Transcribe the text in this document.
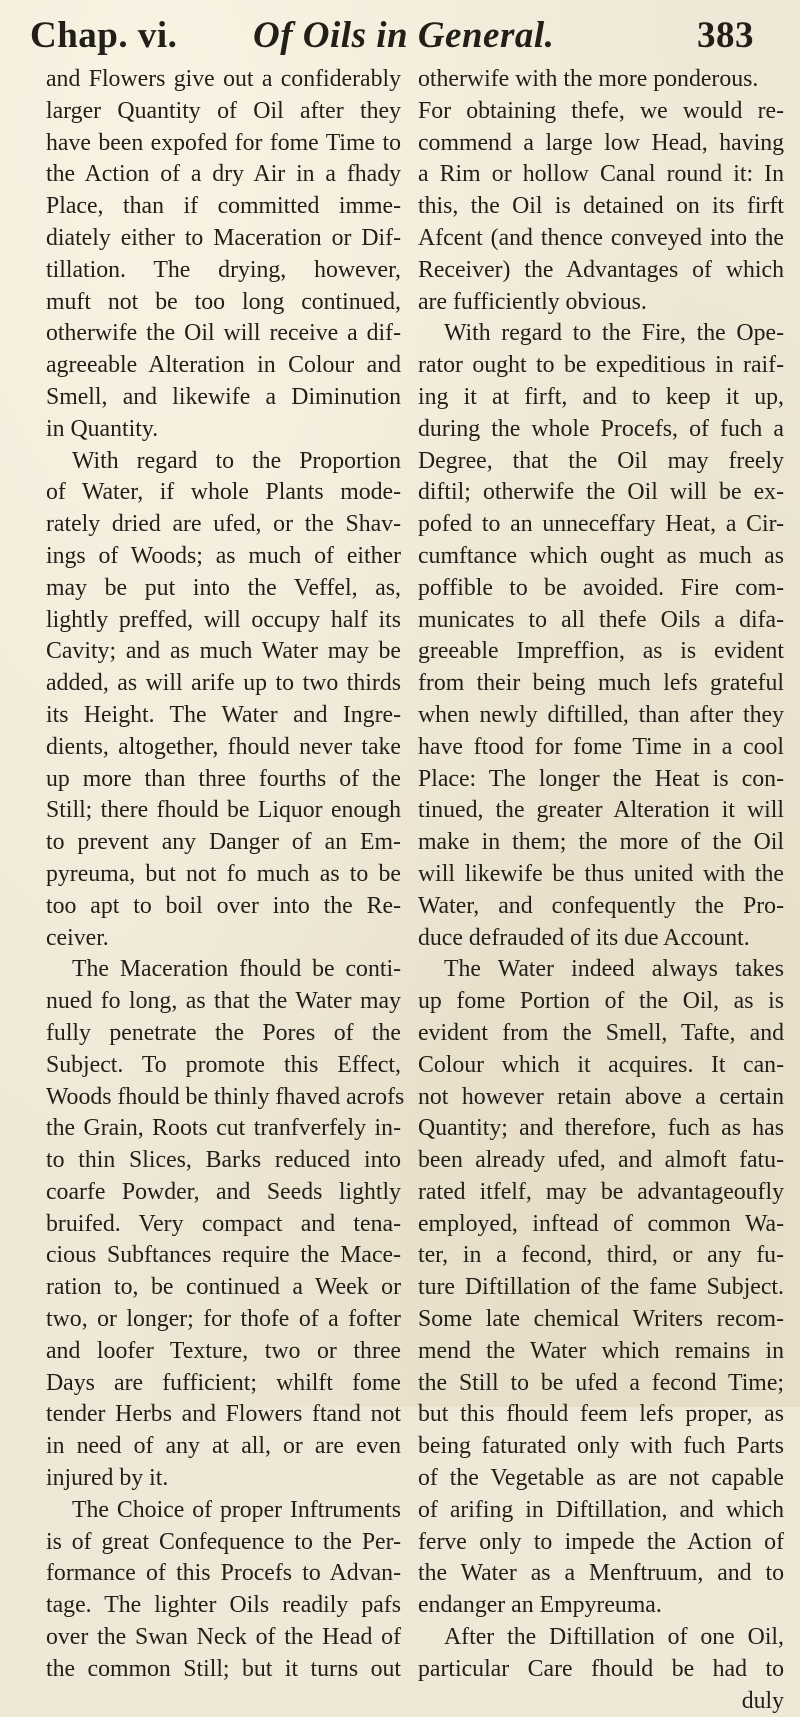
Chap. vi. Of Oils in General.	383
and Flowers give out a confiderably
larger Quantity of Oil after they
have been expofed for fome Time to
the Action of a dry Air in a fhady
Place, than if committed imme-
diately either to Maceration or Dif-
tillation. The drying, however,
muft not be too long continued,
otherwife the Oil will receive a dif-
agreeable Alteration in Colour and
Smell, and likewife a Diminution
in Quantity.
With regard to the Proportion
of Water, if whole Plants mode-
rately dried are ufed, or the Shav-
ings of Woods; as much of either
may be put into the Veffel, as,
lightly preffed, will occupy half its
Cavity; and as much Water may be
added, as will arife up to two thirds
its Height. The Water and Ingre-
dients, altogether, fhould never take
up more than three fourths of the
Still; there fhould be Liquor enough
to prevent any Danger of an Em-
pyreuma, but not fo much as to be
too apt to boil over into the Re-
ceiver.
The Maceration fhould be conti-
nued fo long, as that the Water may
fully penetrate the Pores of the
Subject. To promote this Effect,
Woods fhould be thinly fhaved acrofs
the Grain, Roots cut tranfverfely in-
to thin Slices, Barks reduced into
coarfe Powder, and Seeds lightly
bruifed. Very compact and tena-
cious Subftances require the Mace-
ration to, be continued a Week or
two, or longer; for thofe of a fofter
and loofer Texture, two or three
Days are fufficient; whilft fome
tender Herbs and Flowers ftand not
in need of any at all, or are even
injured by it.
The Choice of proper Inftruments
is of great Confequence to the Per-
formance of this Procefs to Advan-
tage. The lighter Oils readily pafs
over the Swan Neck of the Head of
the common Still; but it turns out
otherwife with the more ponderous.
For obtaining thefe, we would re-
commend a large low Head, having
a Rim or hollow Canal round it: In
this, the Oil is detained on its firft
Afcent (and thence conveyed into the
Receiver) the Advantages of which
are fufficiently obvious.
With regard to the Fire, the Ope-
rator ought to be expeditious in raif-
ing it at firft, and to keep it up,
during the whole Procefs, of fuch a
Degree, that the Oil may freely
diftil; otherwife the Oil will be ex-
pofed to an unneceffary Heat, a Cir-
cumftance which ought as much as
poffible to be avoided. Fire com-
municates to all thefe Oils a difa-
greeable Impreffion, as is evident
from their being much lefs grateful
when newly diftilled, than after they
have ftood for fome Time in a cool
Place: The longer the Heat is con-
tinued, the greater Alteration it will
make in them; the more of the Oil
will likewife be thus united with the
Water, and confequently the Pro-
duce defrauded of its due Account.
The Water indeed always takes
up fome Portion of the Oil, as is
evident from the Smell, Tafte, and
Colour which it acquires. It can-
not however retain above a certain
Quantity; and therefore, fuch as has
been already ufed, and almoft fatu-
rated itfelf, may be advantageoufly
employed, inftead of common Wa-
ter, in a fecond, third, or any fu-
ture Diftillation of the fame Subject.
Some late chemical Writers recom-
mend the Water which remains in
the Still to be ufed a fecond Time;
but this fhould feem lefs proper, as
being faturated only with fuch Parts
of the Vegetable as are not capable
of arifing in Diftillation, and which
ferve only to impede the Action of
the Water as a Menftruum, and to
endanger an Empyreuma.
After the Diftillation of one Oil,
particular Care fhould be had to
duly
